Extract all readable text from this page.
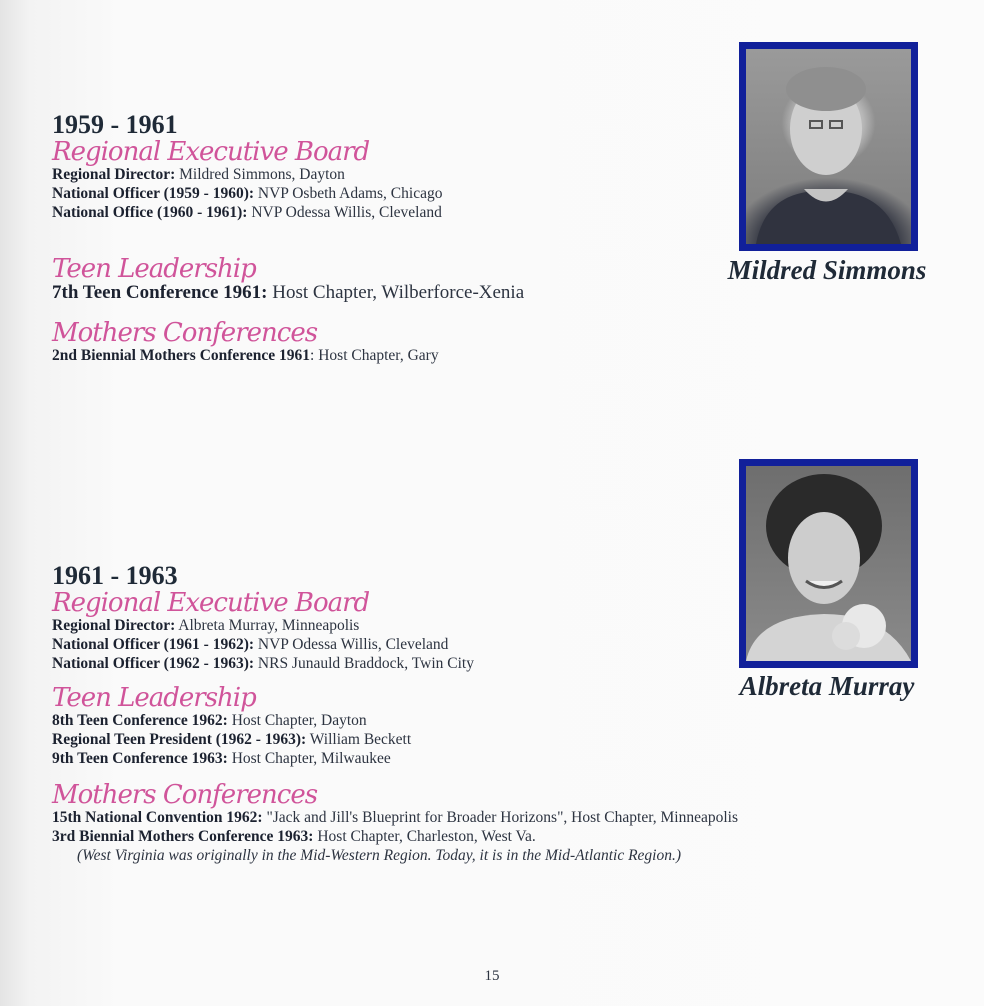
1959 - 1961
Regional Executive Board
Regional Director: Mildred Simmons, Dayton
National Officer (1959 - 1960): NVP Osbeth Adams, Chicago
National Office (1960 - 1961): NVP Odessa Willis, Cleveland
Teen Leadership
7th Teen Conference 1961: Host Chapter, Wilberforce-Xenia
Mothers Conferences
2nd Biennial Mothers Conference 1961: Host Chapter, Gary
Mildred Simmons
1961 - 1963
Regional Executive Board
Regional Director: Albreta Murray, Minneapolis
National Officer (1961 - 1962): NVP Odessa Willis, Cleveland
National Officer (1962 - 1963): NRS Junauld Braddock, Twin City
Teen Leadership
8th Teen Conference 1962: Host Chapter, Dayton
Regional Teen President (1962 - 1963): William Beckett
9th Teen Conference 1963: Host Chapter, Milwaukee
Mothers Conferences
15th National Convention 1962: "Jack and Jill's Blueprint for Broader Horizons", Host Chapter, Minneapolis
3rd Biennial Mothers Conference 1963: Host Chapter, Charleston, West Va.
(West Virginia was originally in the Mid-Western Region. Today, it is in the Mid-Atlantic Region.)
Albreta Murray
15
